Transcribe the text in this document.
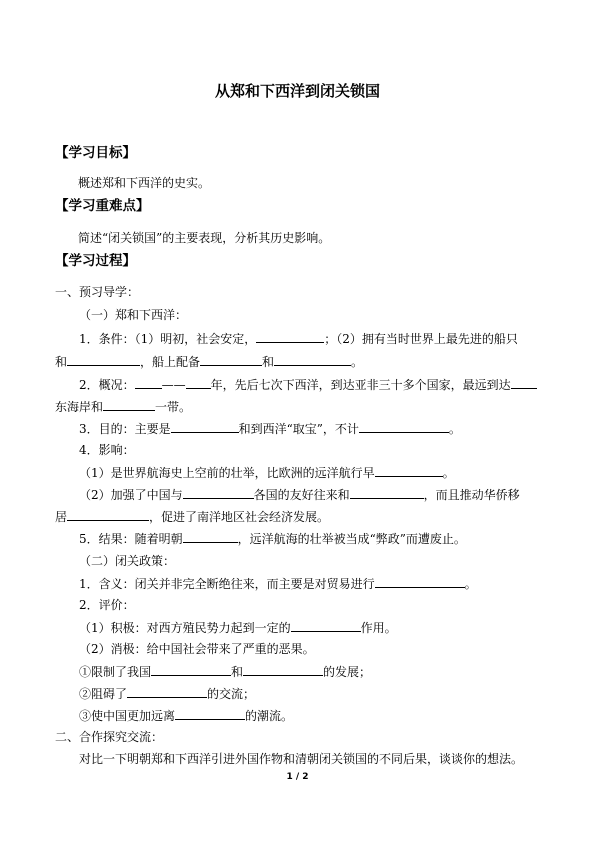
从郑和下西洋到闭关锁国
【学习目标】
概述郑和下西洋的史实。
【学习重难点】
简述“闭关锁国”的主要表现，分析其历史影响。
【学习过程】
一、预习导学：
（一）郑和下西洋：
1．条件：（1）明初，社会安定，	；（2）拥有当时世界上最先进的船只
和	，船上配备	和	。
2．概况： —— 年，先后七次下西洋，到达亚非三十多个国家，最远到达
东海岸和	一带。
3．目的：主要是	和到西洋“取宝”，不计	。
4．影响：
（1）是世界航海史上空前的壮举，比欧洲的远洋航行早	。
（2）加强了中国与	各国的友好往来和	，而且推动华侨移
居	，促进了南洋地区社会经济发展。
5．结果：随着明朝	，远洋航海的壮举被当成“弊政”而遭废止。
（二）闭关政策：
1．含义：闭关并非完全断绝往来，而主要是对贸易进行	。
2．评价：
（1）积极：对西方殖民势力起到一定的	作用。
（2）消极：给中国社会带来了严重的恶果。
①限制了我国	和	的发展；
②阻碍了	的交流；
③使中国更加远离	的潮流。
二、合作探究交流：
对比一下明朝郑和下西洋引进外国作物和清朝闭关锁国的不同后果，谈谈你的想法。
1 / 2
